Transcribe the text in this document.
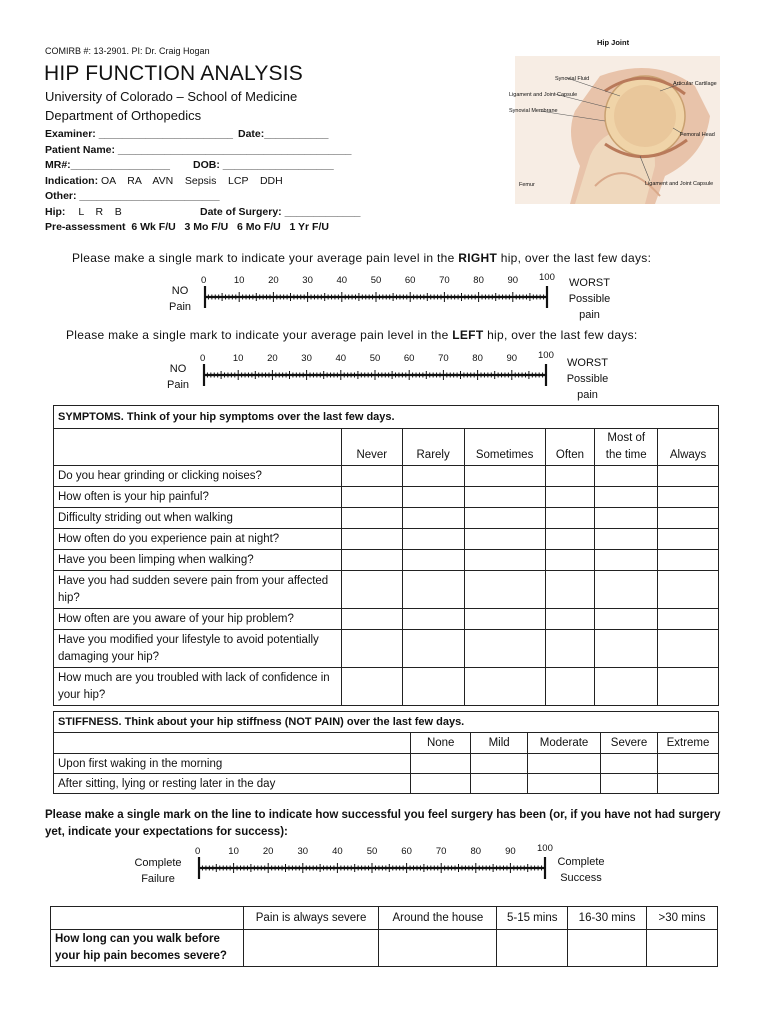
COMIRB #: 13-2901. PI: Dr. Craig Hogan
HIP FUNCTION ANALYSIS
University of Colorado – School of Medicine
Department of Orthopedics
Examiner: _______________________ Date:___________
Patient Name: ________________________________________
MR#:_________________ DOB: ___________________
Indication: OA    RA    AVN    Sepsis    LCP    DDH
Other: ________________________
Hip: L    R    B	Date of Surgery: _____________
Pre-assessment  6 Wk F/U   3 Mo F/U   6 Mo F/U   1 Yr F/U
Hip Joint
Synovial Fluid
Articular Cartilage
Ligament and Joint Capsule
Synovial Membrane
Femoral Head
Femur	Ligament and Joint Capsule
Please make a single mark to indicate your average pain level in the RIGHT hip, over the last few days:
NO
Pain
0	10	20	30	40	50	60	70	80	90	100	WORST
Possible
pain
Please make a single mark to indicate your average pain level in the LEFT hip, over the last few days:
NO
Pain
0	10	20	30	40	50	60	70	80	90	100
WORST
Possible
pain
SYMPTOMS. Think of your hip symptoms over the last few days.						
	Never	Rarely	Sometimes	Often	Most of the time	Always
Do you hear grinding or clicking noises?						
How often is your hip painful?						
Difficulty striding out when walking						
How often do you experience pain at night?						
Have you been limping when walking?						
Have you had sudden severe pain from your affected hip?						
How often are you aware of your hip problem?						
Have you modified your lifestyle to avoid potentially damaging your hip?						
How much are you troubled with lack of confidence in your hip?						
STIFFNESS. Think about your hip stiffness (NOT PAIN) over the last few days.					
	None	Mild	Moderate	Severe	Extreme
Upon first waking in the morning					
After sitting, lying or resting later in the day					
Please make a single mark on the line to indicate how successful you feel surgery has been (or, if you have not had surgery yet, indicate your expectations for success):
Complete
Failure
0	10	20	30	40	50	60	70	80	90	100
Complete
Success
	Pain is always severe	Around the house	5-15 mins	16-30 mins	>30 mins
How long can you walk before your hip pain becomes severe?					
